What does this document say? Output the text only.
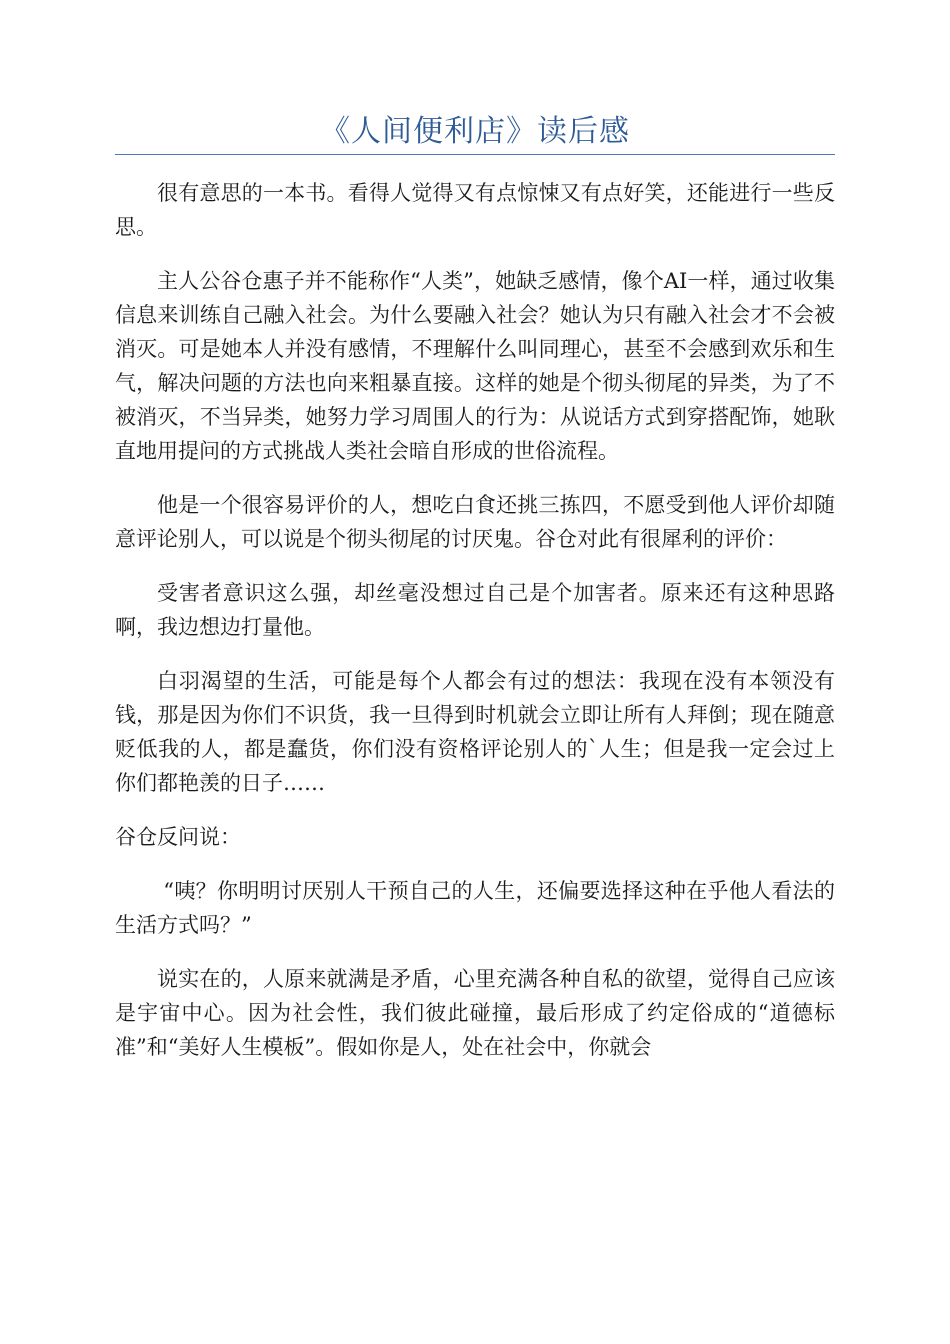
《人间便利店》读后感

很有意思的一本书。看得人觉得又有点惊悚又有点好笑，还能进行一些反思。

主人公谷仓惠子并不能称作“人类”，她缺乏感情，像个AI一样，通过收集信息来训练自己融入社会。为什么要融入社会？她认为只有融入社会才不会被消灭。可是她本人并没有感情，不理解什么叫同理心，甚至不会感到欢乐和生气，解决问题的方法也向来粗暴直接。这样的她是个彻头彻尾的异类，为了不被消灭，不当异类，她努力学习周围人的行为：从说话方式到穿搭配饰，她耿直地用提问的方式挑战人类社会暗自形成的世俗流程。

他是一个很容易评价的人，想吃白食还挑三拣四，不愿受到他人评价却随意评论别人，可以说是个彻头彻尾的讨厌鬼。谷仓对此有很犀利的评价：

受害者意识这么强，却丝毫没想过自己是个加害者。原来还有这种思路啊，我边想边打量他。

白羽渴望的生活，可能是每个人都会有过的想法：我现在没有本领没有钱，那是因为你们不识货，我一旦得到时机就会立即让所有人拜倒；现在随意贬低我的人，都是蠢货，你们没有资格评论别人的`人生；但是我一定会过上你们都艳羡的日子……

谷仓反问说：

“咦？你明明讨厌别人干预自己的人生，还偏要选择这种在乎他人看法的生活方式吗？”

说实在的，人原来就满是矛盾，心里充满各种自私的欲望，觉得自己应该是宇宙中心。因为社会性，我们彼此碰撞，最后形成了约定俗成的“道德标准”和“美好人生模板”。假如你是人，处在社会中，你就会
